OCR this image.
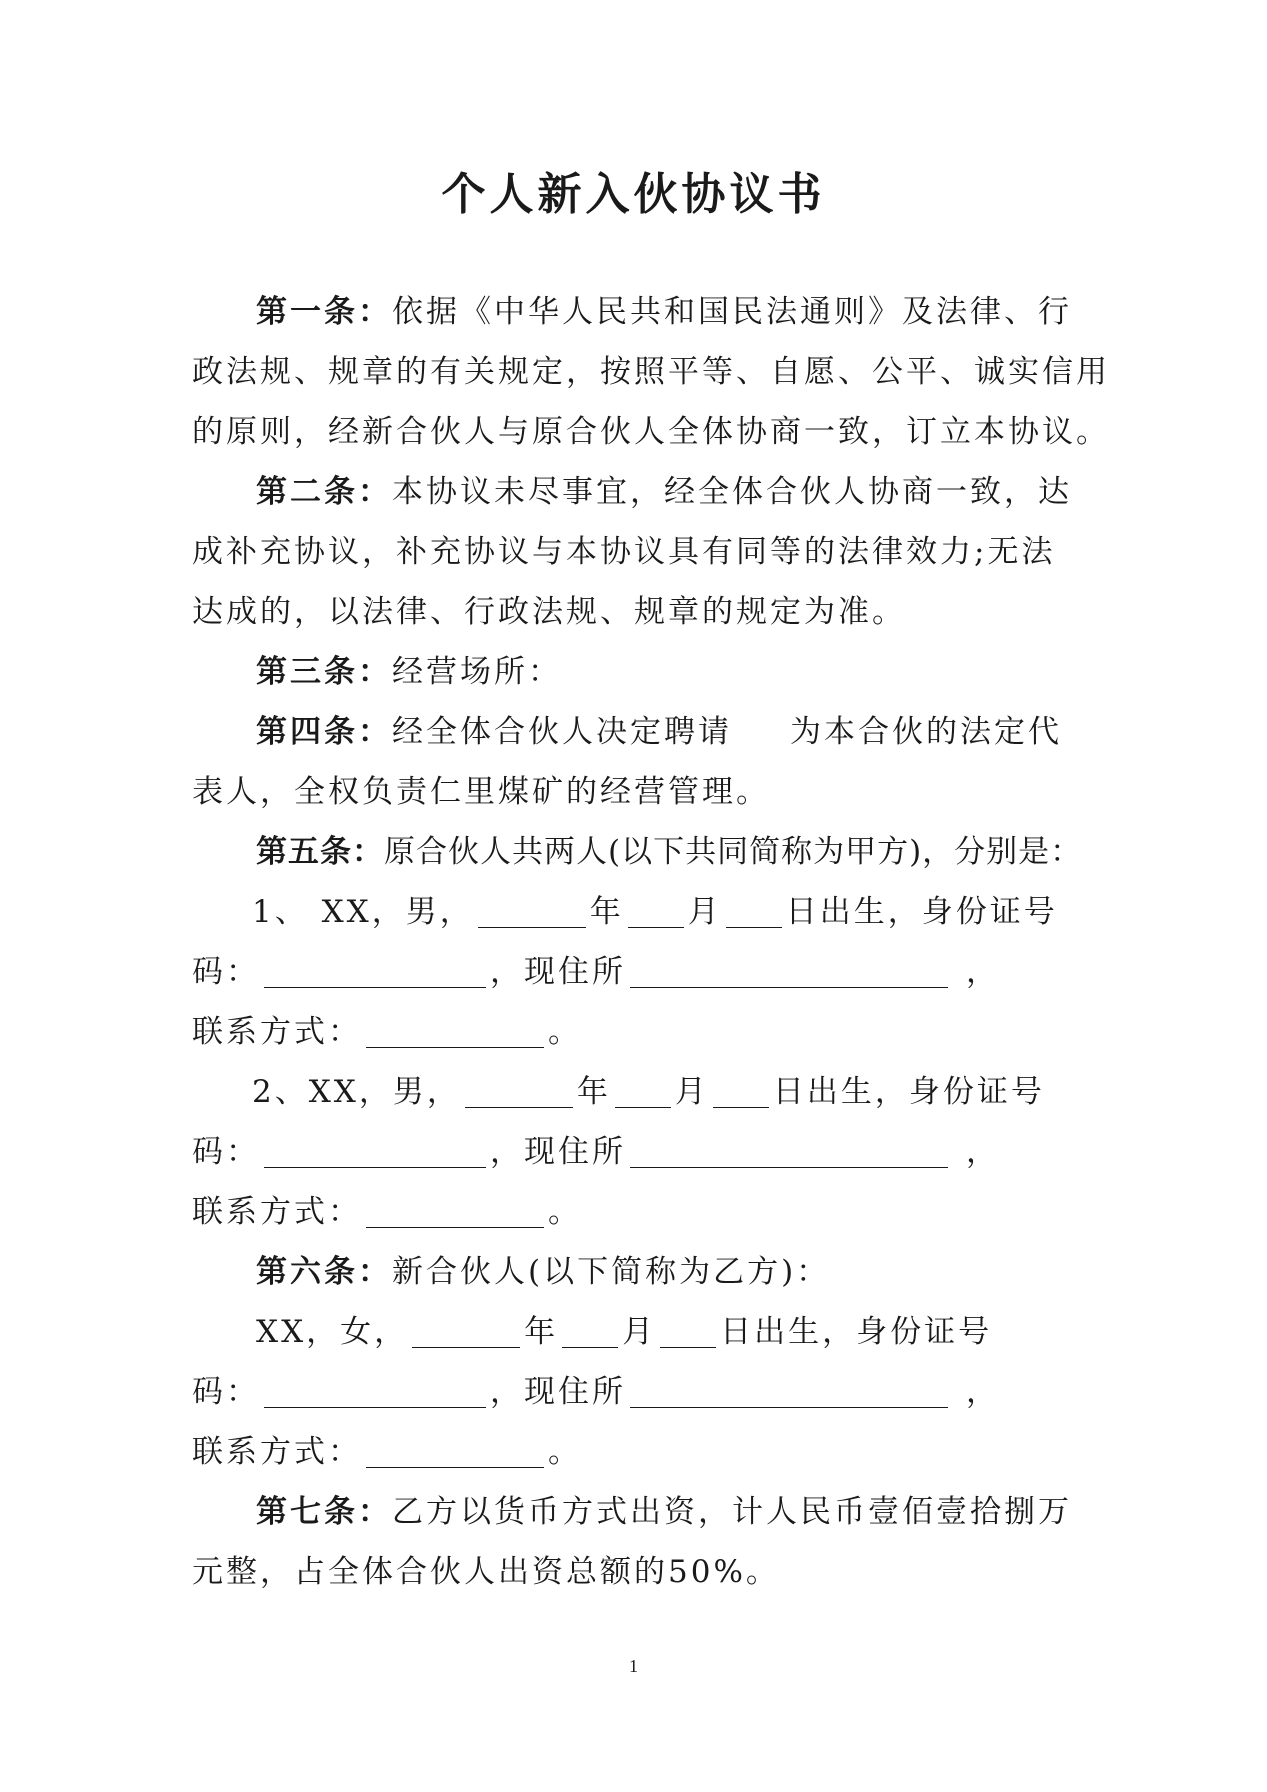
个人新入伙协议书
第一条： 依据《中华人民共和国民法通则》及法律、行
政法规、规章的有关规定，按照平等、自愿、公平、诚实信用
的原则，经新合伙人与原合伙人全体协商一致，订立本协议。
第二条： 本协议未尽事宜，经全体合伙人协商一致，达
成补充协议，补充协议与本协议具有同等的法律效力;无法
达成的，以法律、行政法规、规章的规定为准。
第三条： 经营场所：
第四条： 经全体合伙人决定聘请 为本合伙的法定代
表人，全权负责仁里煤矿的经营管理。
第五条： 原合伙人共两人(以下共同简称为甲方)，分别是：
1、 XX，男，	年 月 日出生，身份证号
码：	，现住所	，
联系方式：	。
2、XX，男，	年 月 日出生，身份证号
码：	，现住所	，
联系方式：	。
第六条： 新合伙人(以下简称为乙方)：
XX，女，	年 月 日出生，身份证号
码：	，现住所	，
联系方式：	。
第七条： 乙方以货币方式出资，计人民币壹佰壹拾捌万
元整，占全体合伙人出资总额的50%。
1
